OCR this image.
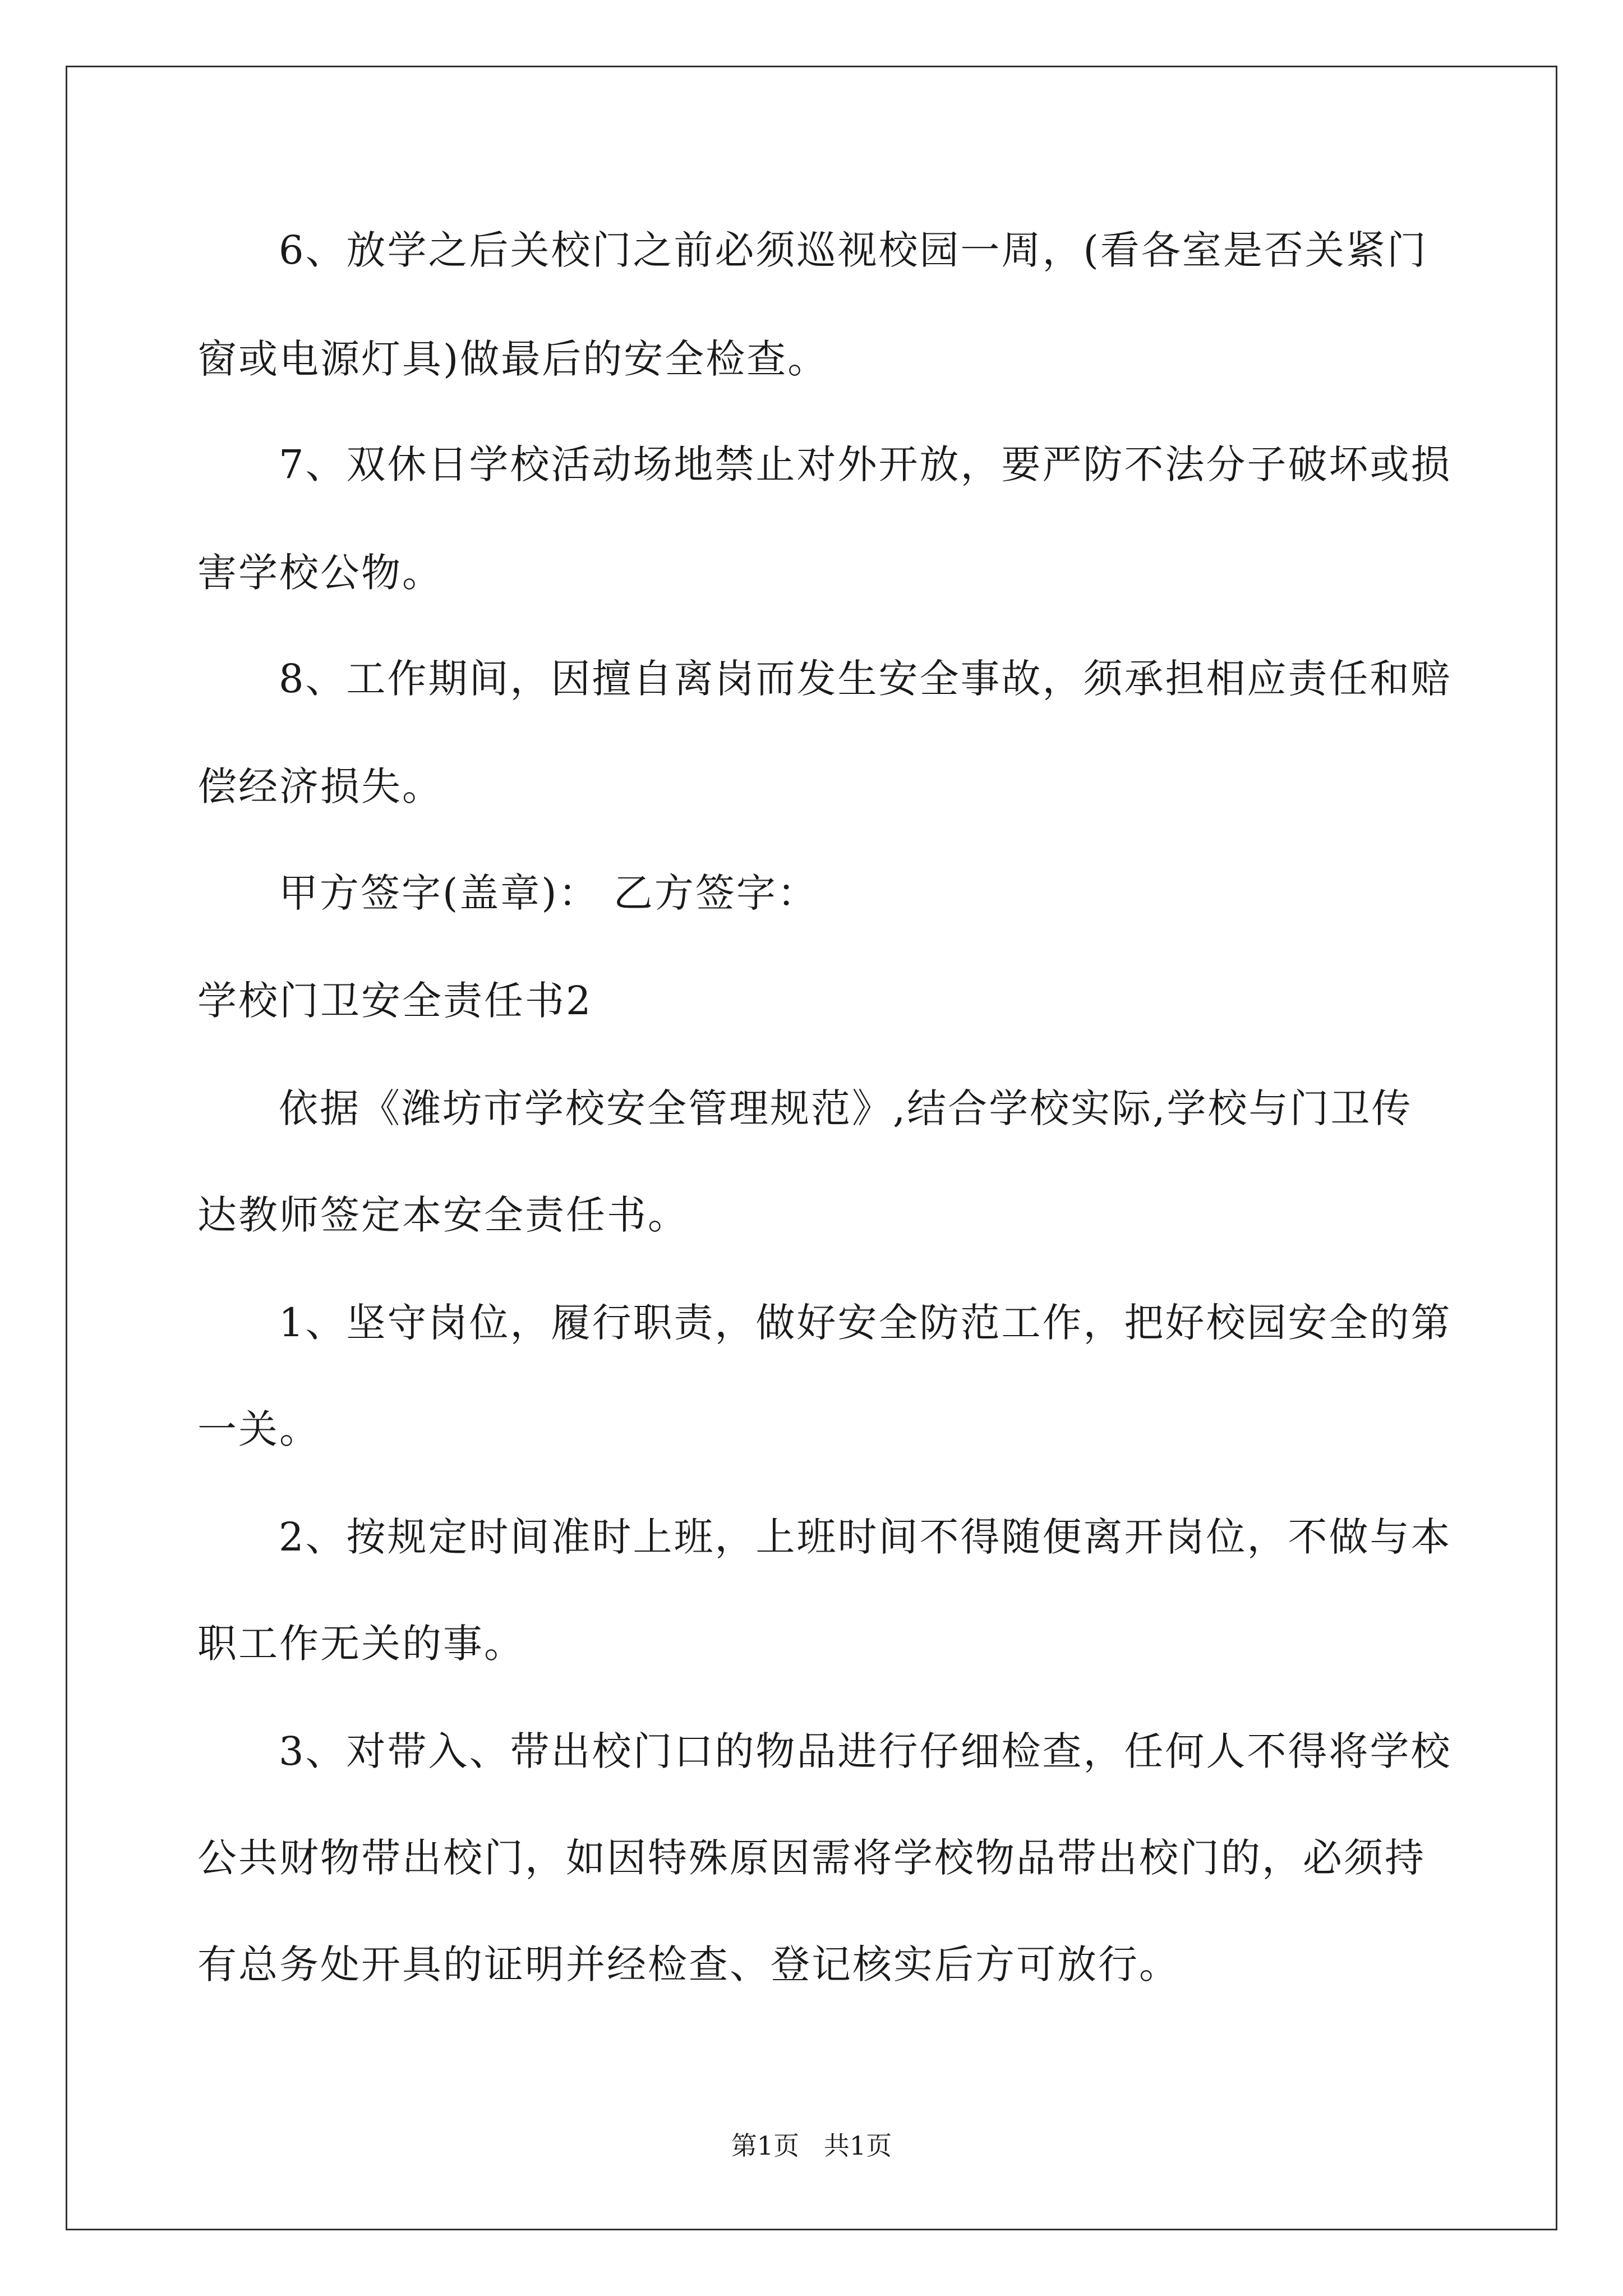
6、放学之后关校门之前必须巡视校园一周，(看各室是否关紧门
窗或电源灯具)做最后的安全检查。
7、双休日学校活动场地禁止对外开放，要严防不法分子破坏或损
害学校公物。
8、工作期间，因擅自离岗而发生安全事故，须承担相应责任和赔
偿经济损失。
甲方签字(盖章)： 乙方签字：
学校门卫安全责任书2
依据《潍坊市学校安全管理规范》,结合学校实际,学校与门卫传
达教师签定本安全责任书。
1、坚守岗位，履行职责，做好安全防范工作，把好校园安全的第
一关。
2、按规定时间准时上班，上班时间不得随便离开岗位，不做与本
职工作无关的事。
3、对带入、带出校门口的物品进行仔细检查，任何人不得将学校
公共财物带出校门，如因特殊原因需将学校物品带出校门的，必须持
有总务处开具的证明并经检查、登记核实后方可放行。
第1页   共1页
